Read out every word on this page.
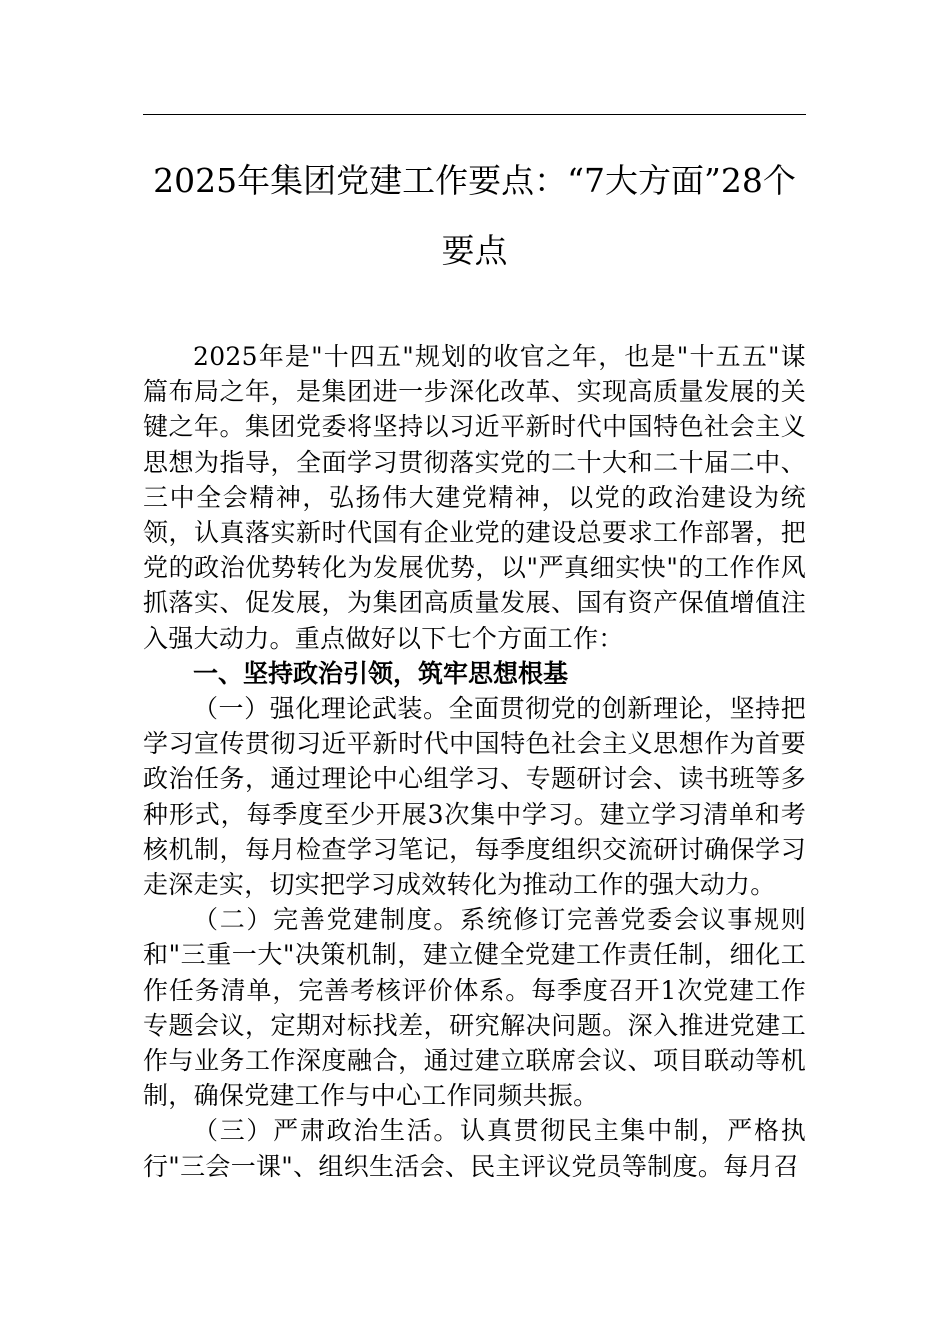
2025年集团党建工作要点：“7大方面”28个
要点

2025年是"十四五"规划的收官之年，也是"十五五"谋篇布局之年，是集团进一步深化改革、实现高质量发展的关键之年。集团党委将坚持以习近平新时代中国特色社会主义思想为指导，全面学习贯彻落实党的二十大和二十届二中、三中全会精神，弘扬伟大建党精神，以党的政治建设为统领，认真落实新时代国有企业党的建设总要求工作部署，把党的政治优势转化为发展优势，以"严真细实快"的工作作风抓落实、促发展，为集团高质量发展、国有资产保值增值注入强大动力。重点做好以下七个方面工作：

一、坚持政治引领，筑牢思想根基

（一）强化理论武装。全面贯彻党的创新理论，坚持把学习宣传贯彻习近平新时代中国特色社会主义思想作为首要政治任务，通过理论中心组学习、专题研讨会、读书班等多种形式，每季度至少开展3次集中学习。建立学习清单和考核机制，每月检查学习笔记，每季度组织交流研讨确保学习走深走实，切实把学习成效转化为推动工作的强大动力。

（二）完善党建制度。系统修订完善党委会议事规则和"三重一大"决策机制，建立健全党建工作责任制，细化工作任务清单，完善考核评价体系。每季度召开1次党建工作专题会议，定期对标找差，研究解决问题。深入推进党建工作与业务工作深度融合，通过建立联席会议、项目联动等机制，确保党建工作与中心工作同频共振。

（三）严肃政治生活。认真贯彻民主集中制，严格执行"三会一课"、组织生活会、民主评议党员等制度。每月召
